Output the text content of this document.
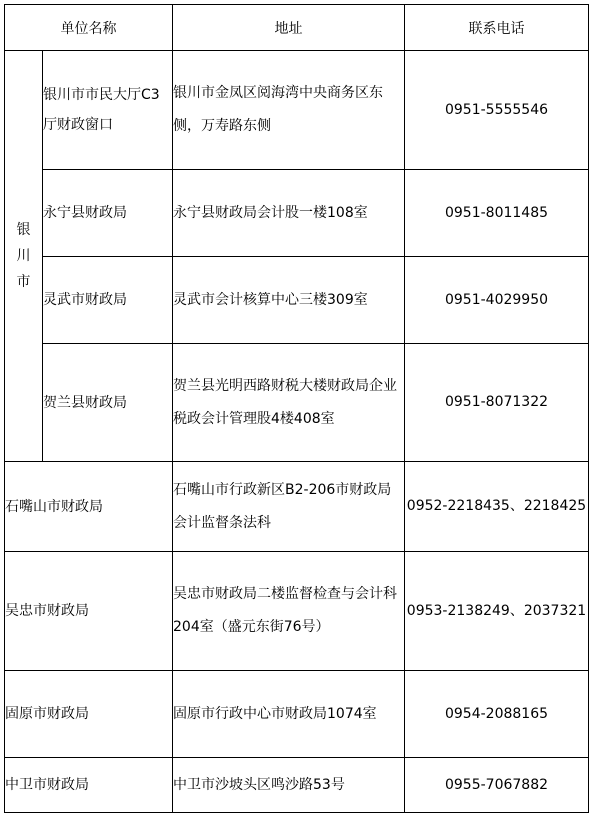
单位名称		地址	联系电话

银
川
市	银川市市民大厅C3厅财政窗口	银川市金凤区阅海湾中央商务区东侧，万寿路东侧	0951-5555546
	永宁县财政局	永宁县财政局会计股一楼108室	0951-8011485
	灵武市财政局	灵武市会计核算中心三楼309室	0951-4029950
	贺兰县财政局	贺兰县光明西路财税大楼财政局企业税政会计管理股4楼408室	0951-8071322
石嘴山市财政局		石嘴山市行政新区B2-206市财政局会计监督条法科	0952-2218435、2218425
吴忠市财政局		吴忠市财政局二楼监督检查与会计科204室（盛元东街76号）	0953-2138249、2037321
固原市财政局		固原市行政中心市财政局1074室	0954-2088165
中卫市财政局		中卫市沙坡头区鸣沙路53号	0955-7067882
